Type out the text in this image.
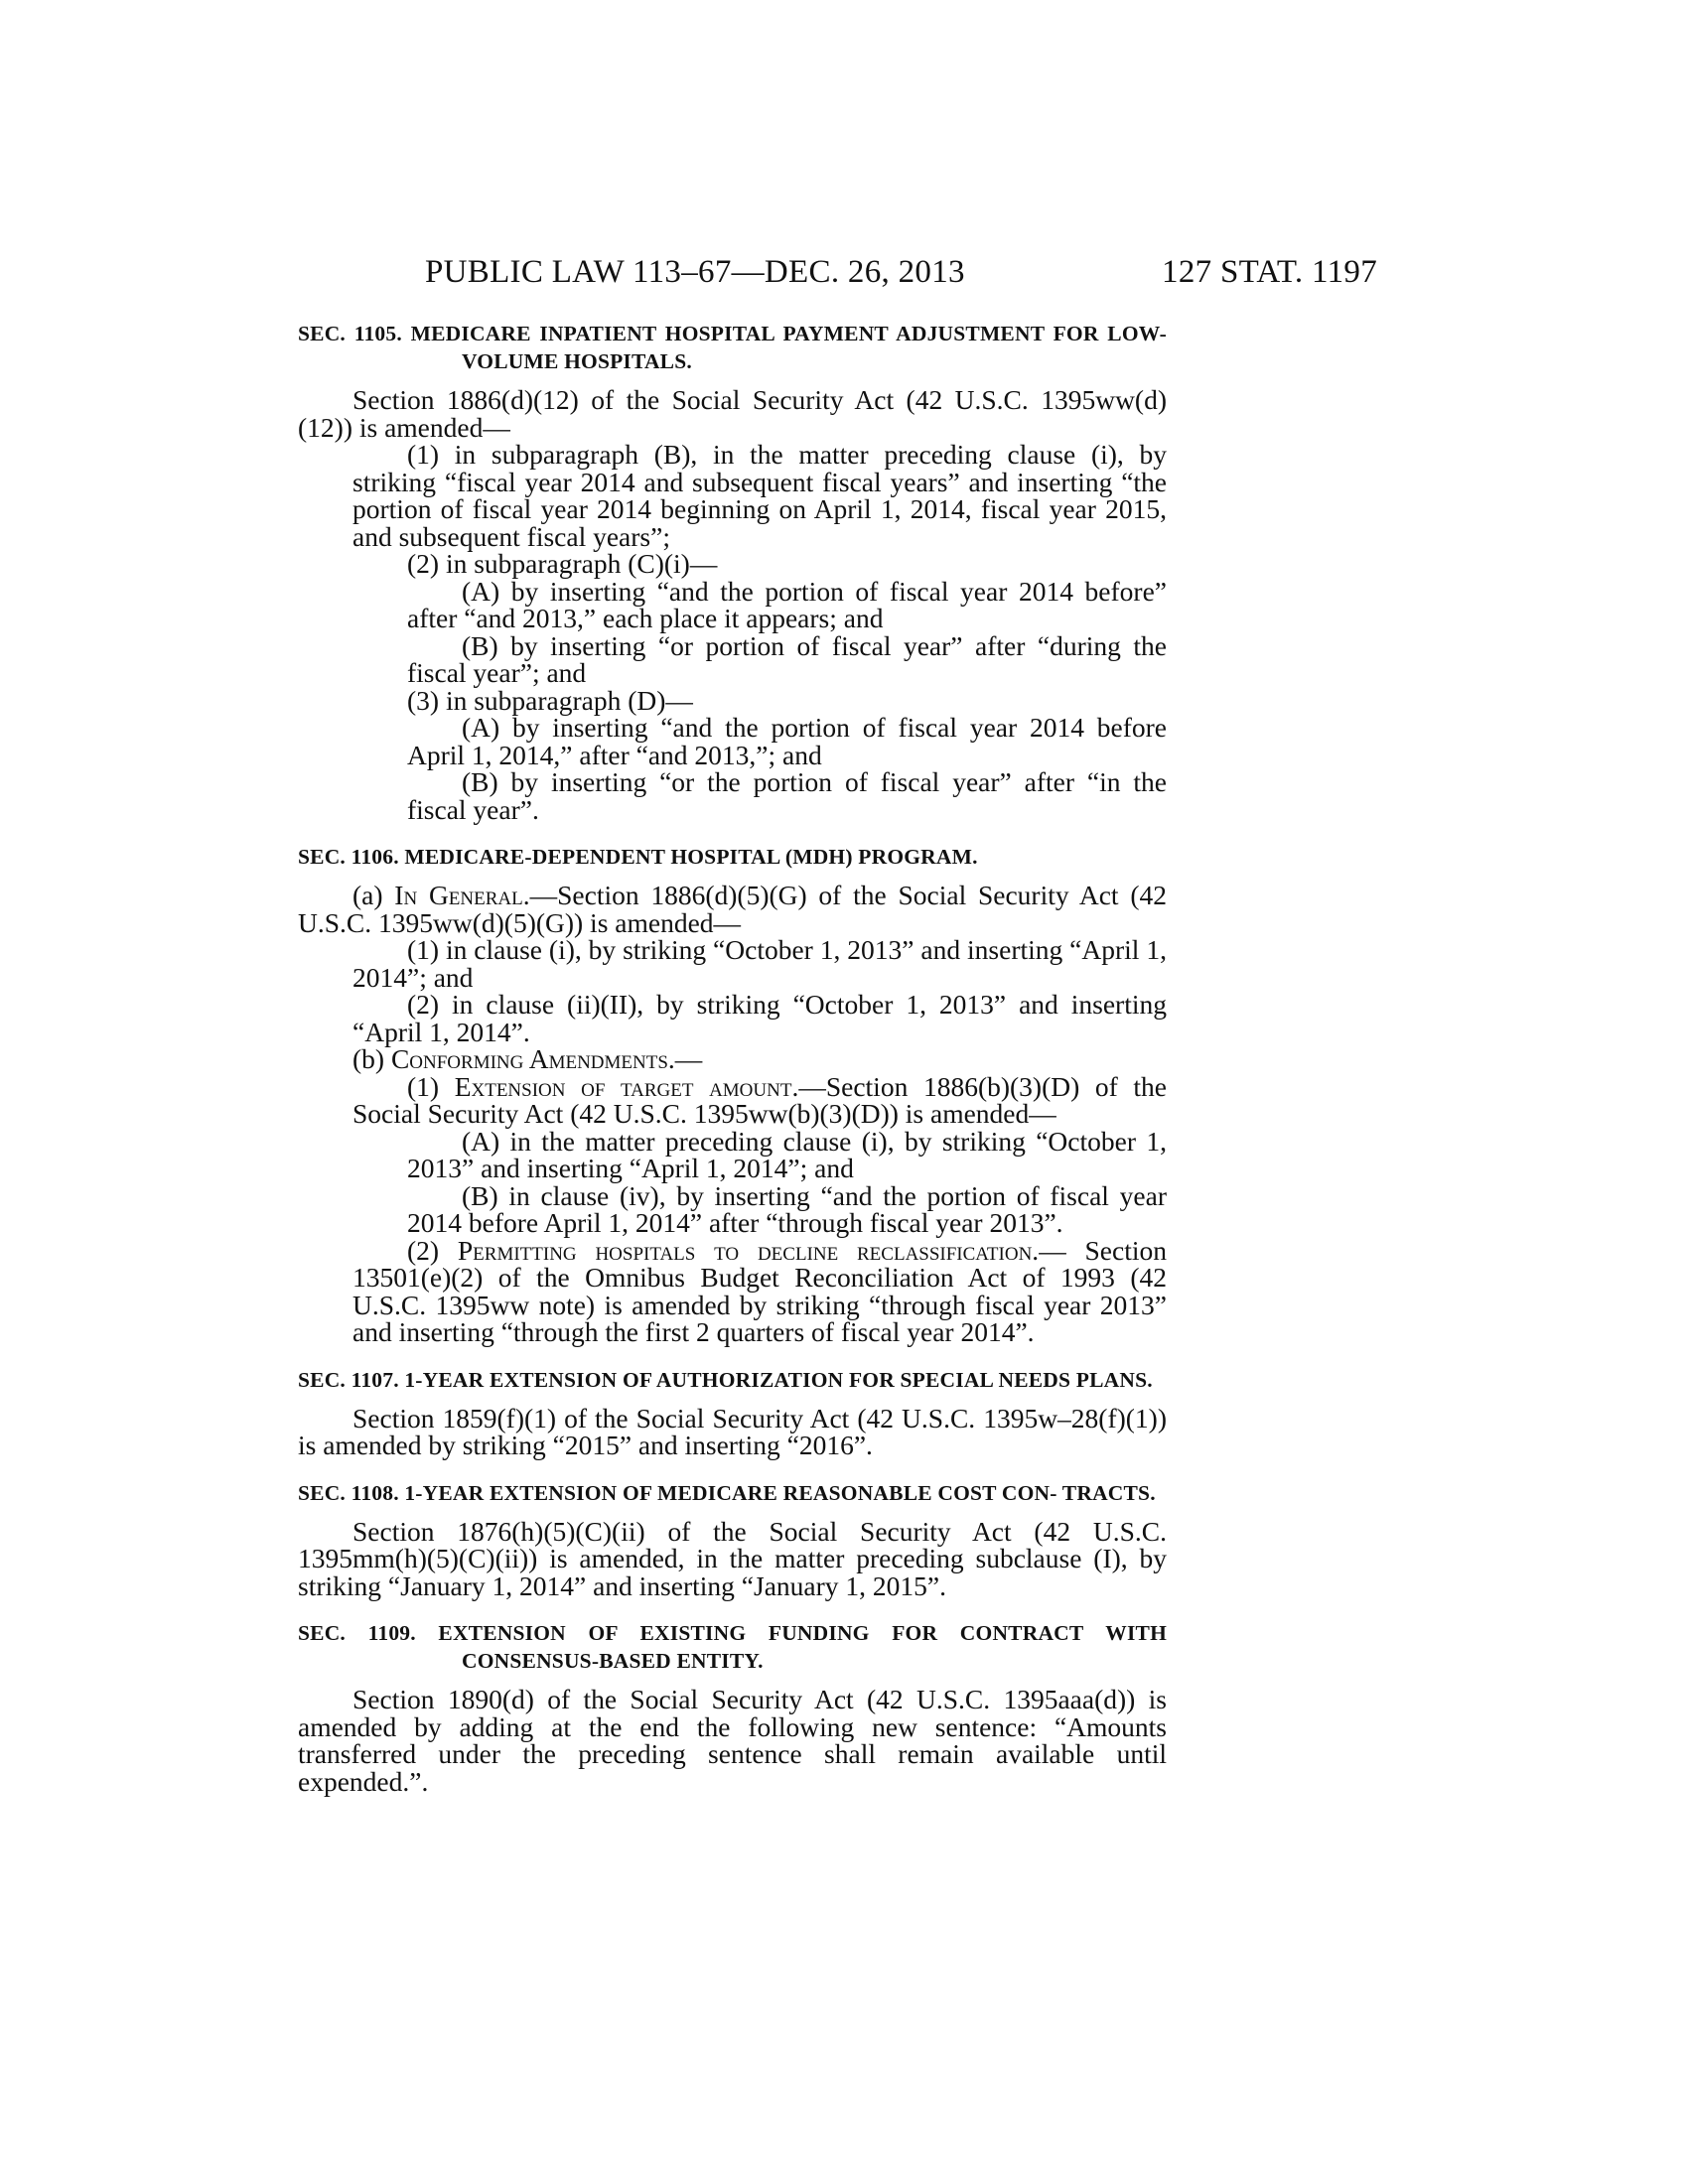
PUBLIC LAW 113–67—DEC. 26, 2013	127 STAT. 1197
SEC. 1105. MEDICARE INPATIENT HOSPITAL PAYMENT ADJUSTMENT FOR LOW-VOLUME HOSPITALS.

Section 1886(d)(12) of the Social Security Act (42 U.S.C. 1395ww(d)(12)) is amended—

(1) in subparagraph (B), in the matter preceding clause (i), by striking “fiscal year 2014 and subsequent fiscal years” and inserting “the portion of fiscal year 2014 beginning on April 1, 2014, fiscal year 2015, and subsequent fiscal years”;

(2) in subparagraph (C)(i)—

(A) by inserting “and the portion of fiscal year 2014 before” after “and 2013,” each place it appears; and

(B) by inserting “or portion of fiscal year” after “during the fiscal year”; and

(3) in subparagraph (D)—

(A) by inserting “and the portion of fiscal year 2014 before April 1, 2014,” after “and 2013,”; and

(B) by inserting “or the portion of fiscal year” after “in the fiscal year”.

SEC. 1106. MEDICARE-DEPENDENT HOSPITAL (MDH) PROGRAM.

(a) In General.—Section 1886(d)(5)(G) of the Social Security Act (42 U.S.C. 1395ww(d)(5)(G)) is amended—

(1) in clause (i), by striking “October 1, 2013” and inserting “April 1, 2014”; and

(2) in clause (ii)(II), by striking “October 1, 2013” and inserting “April 1, 2014”.

(b) Conforming Amendments.—

(1) Extension of target amount.—Section 1886(b)(3)(D) of the Social Security Act (42 U.S.C. 1395ww(b)(3)(D)) is amended—

(A) in the matter preceding clause (i), by striking “October 1, 2013” and inserting “April 1, 2014”; and

(B) in clause (iv), by inserting “and the portion of fiscal year 2014 before April 1, 2014” after “through fiscal year 2013”.

(2) Permitting hospitals to decline reclassification.— Section 13501(e)(2) of the Omnibus Budget Reconciliation Act of 1993 (42 U.S.C. 1395ww note) is amended by striking “through fiscal year 2013” and inserting “through the first 2 quarters of fiscal year 2014”.

SEC. 1107. 1-YEAR EXTENSION OF AUTHORIZATION FOR SPECIAL NEEDS PLANS.

Section 1859(f)(1) of the Social Security Act (42 U.S.C. 1395w–28(f)(1)) is amended by striking “2015” and inserting “2016”.

SEC. 1108. 1-YEAR EXTENSION OF MEDICARE REASONABLE COST CON- TRACTS.

Section 1876(h)(5)(C)(ii) of the Social Security Act (42 U.S.C. 1395mm(h)(5)(C)(ii)) is amended, in the matter preceding subclause (I), by striking “January 1, 2014” and inserting “January 1, 2015”.

SEC. 1109. EXTENSION OF EXISTING FUNDING FOR CONTRACT WITH CONSENSUS-BASED ENTITY.

Section 1890(d) of the Social Security Act (42 U.S.C. 1395aaa(d)) is amended by adding at the end the following new sentence: “Amounts transferred under the preceding sentence shall remain available until expended.”.
